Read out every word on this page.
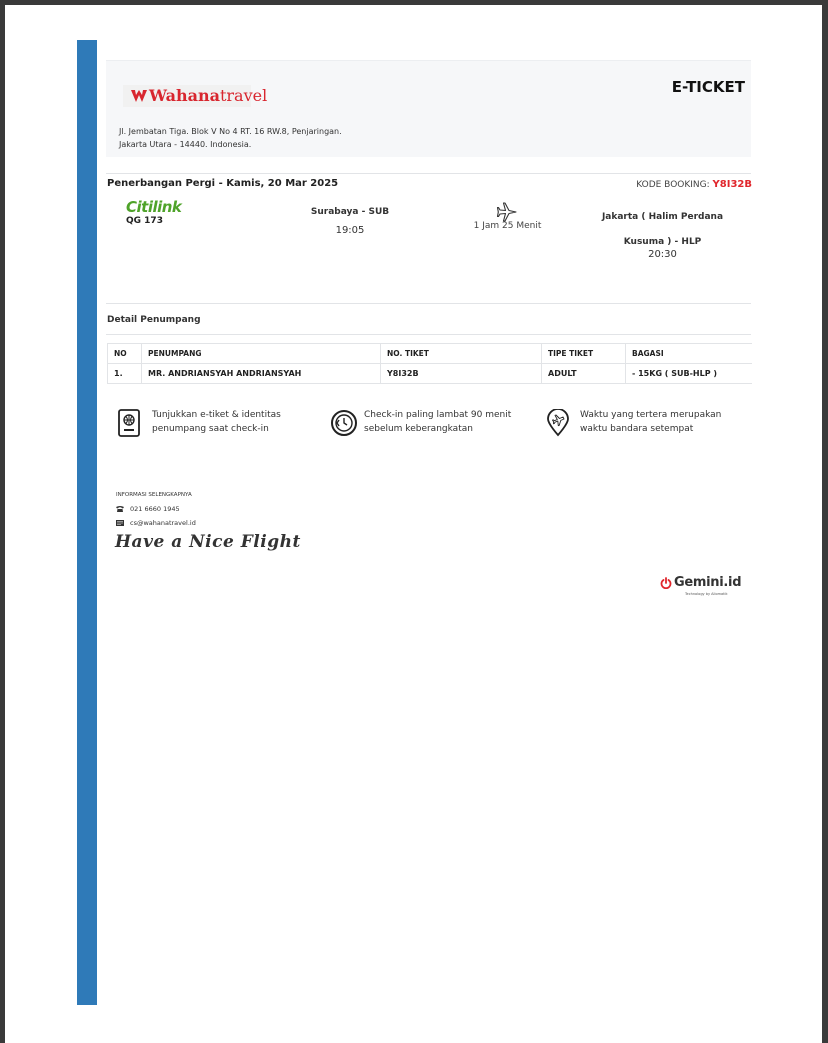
Wahanatravel
Jl. Jembatan Tiga. Blok V No 4 RT. 16 RW.8, Penjaringan.
Jakarta Utara - 14440. Indonesia.
E-TICKET
Penerbangan Pergi - Kamis, 20 Mar 2025	KODE BOOKING: Y8I32B
Citilink
QG 173
Surabaya - SUB
19:05	1 Jam 25 Menit
Jakarta ( Halim Perdana
Kusuma ) - HLP
20:30
Detail Penumpang
NO	PENUMPANG	NO. TIKET	TIPE TIKET	BAGASI
1.	MR. ANDRIANSYAH ANDRIANSYAH	Y8I32B	ADULT	- 15KG ( SUB-HLP )
Tunjukkan e-tiket & identitas
penumpang saat check-in
Check-in paling lambat 90 menit
sebelum keberangkatan
Waktu yang tertera merupakan
waktu bandara setempat
INFORMASI SELENGKAPNYA
021 6660 1945
cs@wahanatravel.id
Have a Nice Flight
Gemini.id
Technology by Aliomatik
